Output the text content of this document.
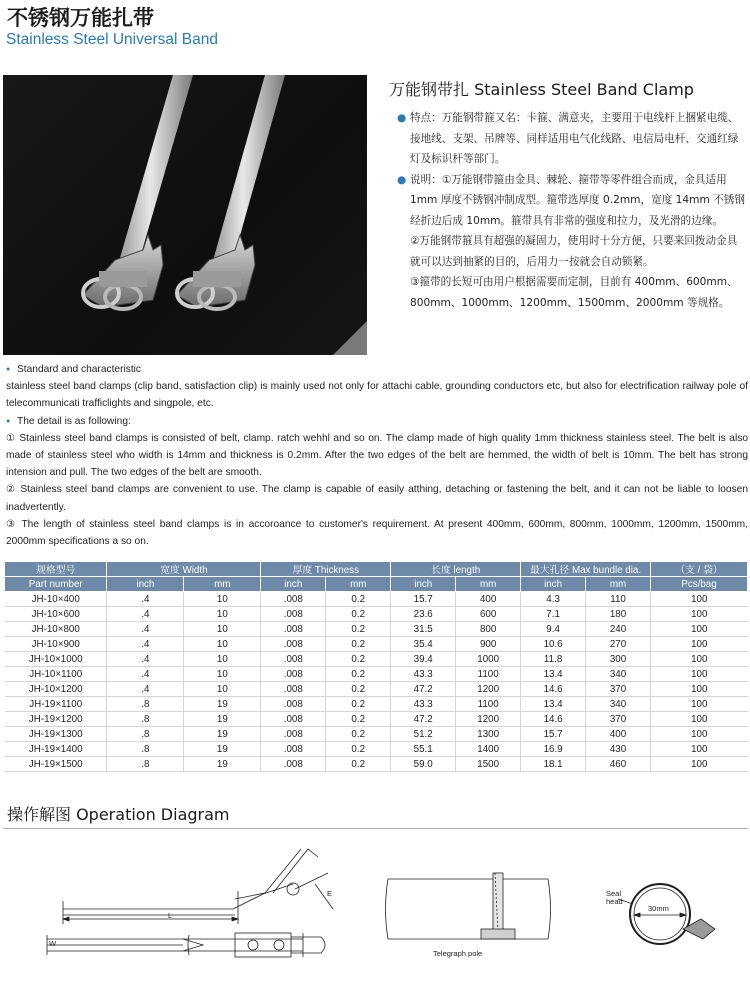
不锈钢万能扎带
Stainless Steel Universal Band
万能钢带扎 Stainless Steel Band Clamp
● 特点：万能钢带箍又名：卡箍、满意夹，主要用于电线杆上捆紧电缆、接地线、支架、吊牌等、同样适用电气化线路、电信局电杆、交通红绿灯及标识杆等部门。
● 说明：①万能钢带箍由金具、棘轮、箍带等零件组合而成，金具适用1mm 厚度不锈钢冲制成型。箍带选厚度 0.2mm，宽度 14mm 不锈钢经折边后成 10mm。箍带具有非常的强度和拉力，及光滑的边缘。
②万能钢带箍具有超强的凝固力，使用时十分方便，只要来回拨动金具就可以达到抽紧的目的，后用力一按就会自动锁紧。
③箍带的长短可由用户根据需要而定制，目前有 400mm、600mm、800mm、1000mm、1200mm、1500mm、2000mm 等规格。
● Standard and characteristic
stainless steel band clamps (clip band, satisfaction clip) is mainly used not only for attachi cable, grounding conductors etc, but also for electrification railway pole of telecommunicati trafficlights and singpole, etc.
● The detail is as following:
① Stainless steel band clamps is consisted of belt, clamp. ratch wehhl and so on. The clamp made of high quality 1mm thickness stainless steel. The belt is also made of stainless steel who width is 14mm and thickness is 0.2mm. After the two edges of the belt are hemmed, the width of belt is 10mm. The belt has strong intension and pull. The two edges of the belt are smooth.
② Stainless steel band clamps are convenient to use. The clamp is capable of easily atthing, detaching or fastening the belt, and it can not be liable to loosen inadvertently.
③ The length of stainless steel band clamps is in accoroance to customer's requirement. At present 400mm, 600mm, 800mm, 1000mm, 1200mm, 1500mm, 2000mm specifications a so on.
规格型号	宽度 Width		厚度 Thickness		长度 length		最大孔径 Max bundle dia.		（支 / 袋）
Part number	inch	mm	inch	mm	inch	mm	inch	mm	Pcs/bag
JH-10×400	.4	10	.008	0.2	15.7	400	4.3	110	100
JH-10×600	.4	10	.008	0.2	23.6	600	7.1	180	100
JH-10×800	.4	10	.008	0.2	31.5	800	9.4	240	100
JH-10×900	.4	10	.008	0.2	35.4	900	10.6	270	100
JH-10×1000	.4	10	.008	0.2	39.4	1000	11.8	300	100
JH-10×1100	.4	10	.008	0.2	43.3	1100	13.4	340	100
JH-10×1200	.4	10	.008	0.2	47.2	1200	14.6	370	100
JH-19×1100	.8	19	.008	0.2	43.3	1100	13.4	340	100
JH-19×1200	.8	19	.008	0.2	47.2	1200	14.6	370	100
JH-19×1300	.8	19	.008	0.2	51.2	1300	15.7	400	100
JH-19×1400	.8	19	.008	0.2	55.1	1400	16.9	430	100
JH-19×1500	.8	19	.008	0.2	59.0	1500	18.1	460	100
操作解图 Operation Diagram
L
E
W
Telegraph pole
Seal
head
30mm
